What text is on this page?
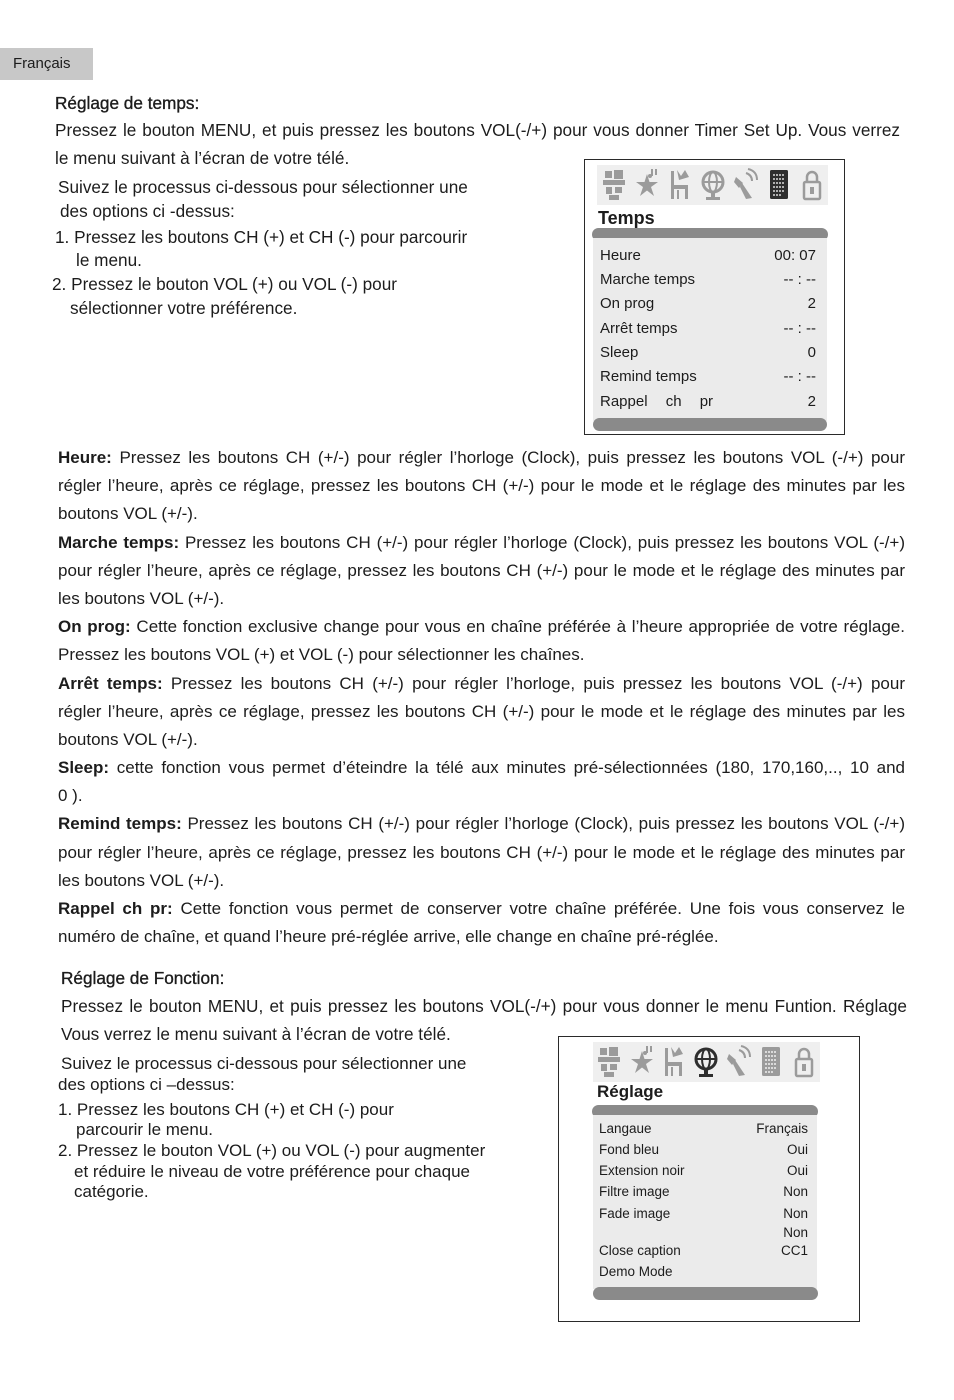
Français
Réglage de temps:
Pressez le bouton MENU, et puis pressez les boutons VOL(-/+) pour vous donner Timer Set Up. Vous verrez
le menu suivant à l’écran de votre télé.
Suivez le processus ci-dessous pour sélectionner une
des options ci -dessus:
1. Pressez les boutons CH (+) et CH (-) pour parcourir
le menu.
2. Pressez le bouton VOL (+) ou VOL (-) pour
sélectionner votre préférence.
Temps
Heure	00: 07
Marche temps	-- : --
On prog	2
Arrêt temps	-- : --
Sleep	0
Remind temps	-- : --
Rappel ch pr	2
Heure: Pressez les boutons CH (+/-) pour régler l’horloge (Clock), puis pressez les boutons VOL (-/+) pour
régler l’heure, après ce réglage, pressez les boutons CH (+/-) pour le mode et le réglage des minutes par les
boutons VOL (+/-).
Marche temps: Pressez les boutons CH (+/-) pour régler l’horloge (Clock), puis pressez les boutons VOL (-/+)
pour régler l’heure, après ce réglage, pressez les boutons CH (+/-) pour le mode et le réglage des minutes par
les boutons VOL (+/-).
On prog: Cette fonction exclusive change pour vous en chaîne préférée à l’heure appropriée de votre réglage.
Pressez les boutons VOL (+) et VOL (-) pour sélectionner les chaînes.
Arrêt temps: Pressez les boutons CH (+/-) pour régler l’horloge, puis pressez les boutons VOL (-/+) pour
régler l’heure, après ce réglage, pressez les boutons CH (+/-) pour le mode et le réglage des minutes par les
boutons VOL (+/-).
Sleep: cette fonction vous permet d’éteindre la télé aux minutes pré-sélectionnées (180, 170,160,.., 10 and
0 ).
Remind temps: Pressez les boutons CH (+/-) pour régler l’horloge (Clock), puis pressez les boutons VOL (-/+)
pour régler l’heure, après ce réglage, pressez les boutons CH (+/-) pour le mode et le réglage des minutes par
les boutons VOL (+/-).
Rappel ch pr: Cette fonction vous permet de conserver votre chaîne préférée. Une fois vous conservez le
numéro de chaîne, et quand l’heure pré-réglée arrive, elle change en chaîne pré-réglée.
Réglage de Fonction:
Pressez le bouton MENU, et puis pressez les boutons VOL(-/+) pour vous donner le menu Funtion. Réglage
Vous verrez le menu suivant à l’écran de votre télé.
Suivez le processus ci-dessous pour sélectionner une
des options ci –dessus:
1. Pressez les boutons CH (+) et CH (-) pour
parcourir le menu.
2. Pressez le bouton VOL (+) ou VOL (-) pour augmenter
et réduire le niveau de votre préférence pour chaque
catégorie.
Réglage
Langaue	Français
Fond bleu	Oui
Extension noir	Oui
Filtre image	Non
Fade image	Non
Non
Close caption	CC1
Demo Mode
